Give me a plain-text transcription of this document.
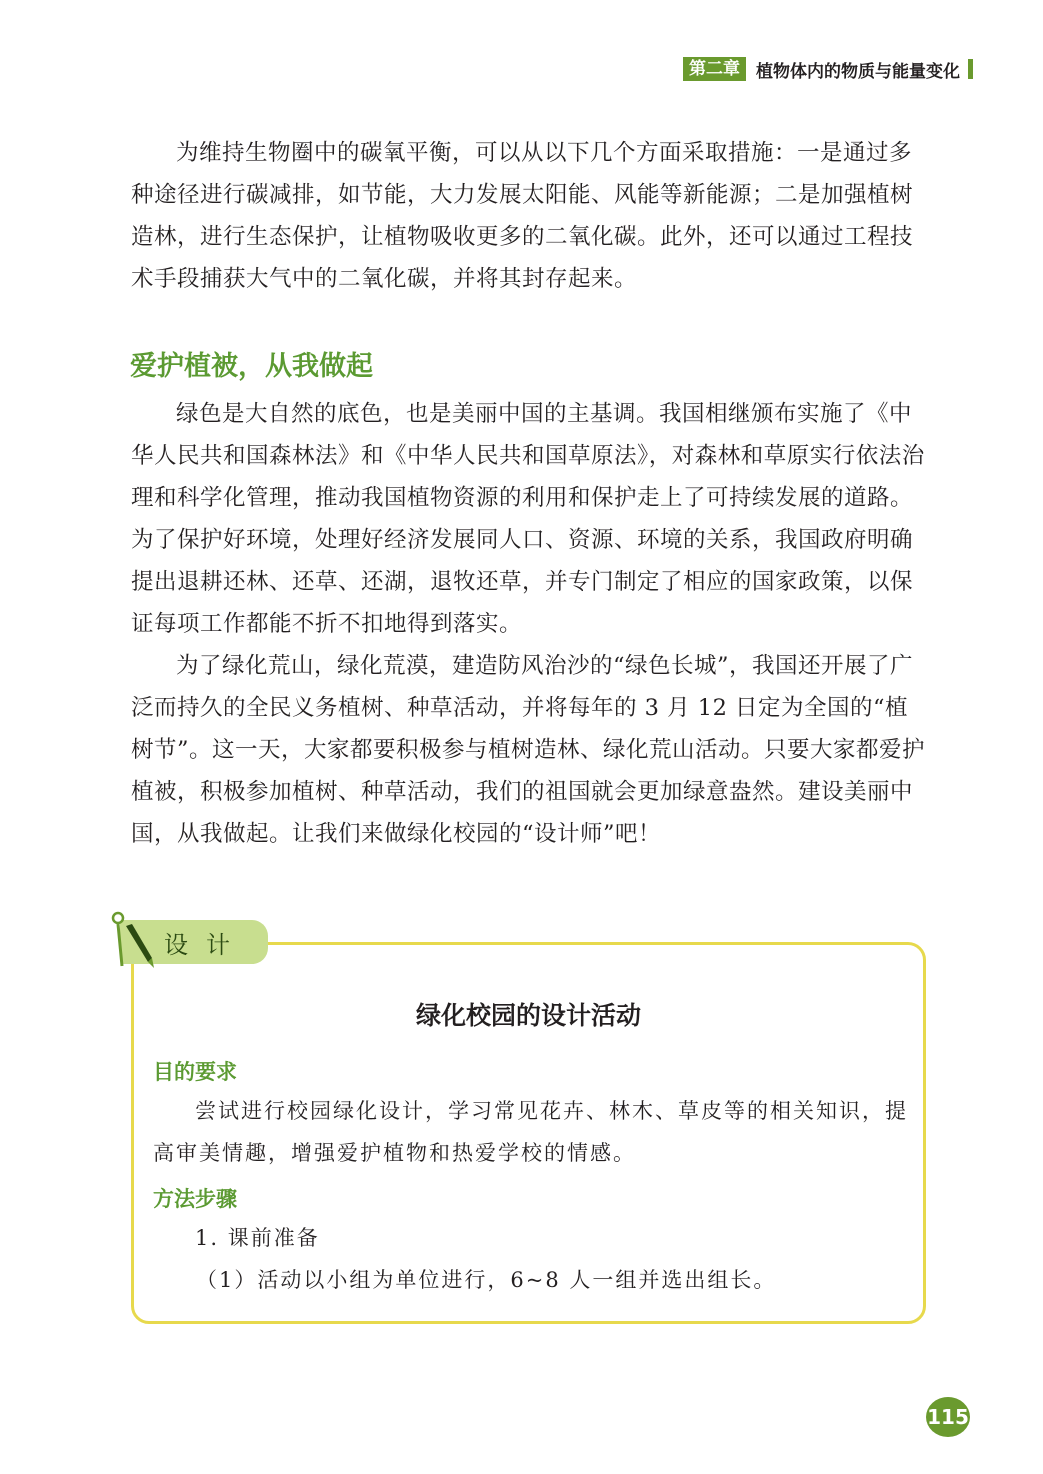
第二章 植物体内的物质与能量变化

为维持生物圈中的碳氧平衡，可以从以下几个方面采取措施：一是通过多种途径进行碳减排，如节能，大力发展太阳能、风能等新能源；二是加强植树造林，进行生态保护，让植物吸收更多的二氧化碳。此外，还可以通过工程技术手段捕获大气中的二氧化碳，并将其封存起来。

爱护植被，从我做起

绿色是大自然的底色，也是美丽中国的主基调。我国相继颁布实施了《中华人民共和国森林法》和《中华人民共和国草原法》，对森林和草原实行依法治理和科学化管理，推动我国植物资源的利用和保护走上了可持续发展的道路。为了保护好环境，处理好经济发展同人口、资源、环境的关系，我国政府明确提出退耕还林、还草、还湖，退牧还草，并专门制定了相应的国家政策，以保证每项工作都能不折不扣地得到落实。

为了绿化荒山，绿化荒漠，建造防风治沙的“绿色长城”，我国还开展了广泛而持久的全民义务植树、种草活动，并将每年的 3 月 12 日定为全国的“植树节”。这一天，大家都要积极参与植树造林、绿化荒山活动。只要大家都爱护植被，积极参加植树、种草活动，我们的祖国就会更加绿意盎然。建设美丽中国，从我做起。让我们来做绿化校园的“设计师”吧！

设计
绿化校园的设计活动
目的要求

尝试进行校园绿化设计，学习常见花卉、林木、草皮等的相关知识，提高审美情趣，增强爱护植物和热爱学校的情感。

方法步骤

1. 课前准备

（1）活动以小组为单位进行，6~8 人一组并选出组长。

115
